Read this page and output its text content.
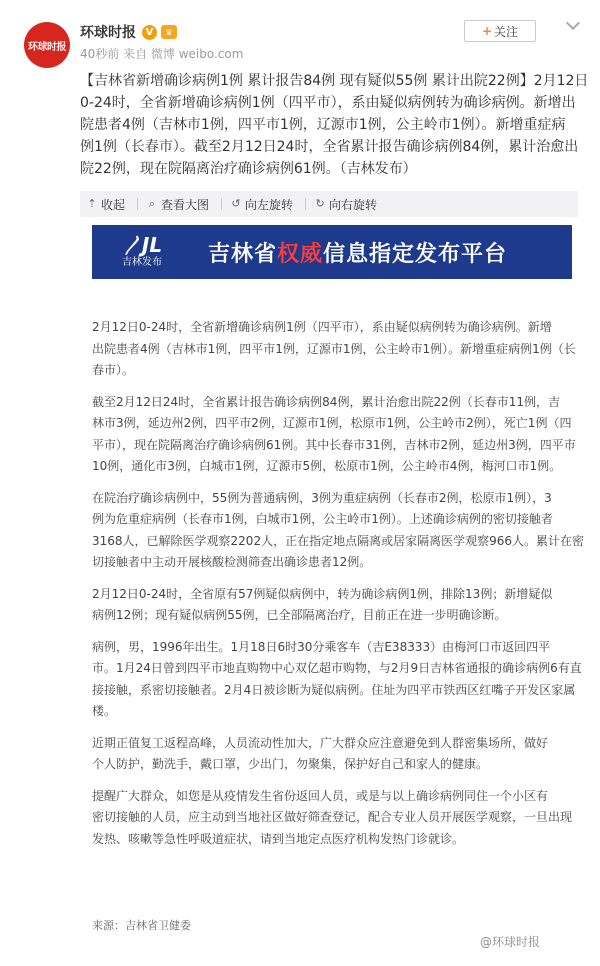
环球时报
环球时报 V	♛
40秒前 来自 微博 weibo.com
+ 关注
【吉林省新增确诊病例1例 累计报告84例 现有疑似55例 累计出院22例】2月12日
0-24时，全省新增确诊病例1例（四平市），系由疑似病例转为确诊病例。新增出
院患者4例（吉林市1例，四平市1例，辽源市1例，公主岭市1例）。新增重症病
例1例（长春市）。截至2月12日24时，全省累计报告确诊病例84例，累计治愈出
院22例，现在院隔离治疗确诊病例61例。（吉林发布）
⇡ 收起 ⌕ 查看大图 ↺ 向左旋转 ↻ 向右旋转
〳JL
吉林发布 吉林省权威信息指定发布平台
2月12日0-24时，全省新增确诊病例1例（四平市），系由疑似病例转为确诊病例。新增
出院患者4例（吉林市1例，四平市1例，辽源市1例，公主岭市1例）。新增重症病例1例（长
春市）。
截至2月12日24时，全省累计报告确诊病例84例，累计治愈出院22例（长春市11例，吉
林市3例，延边州2例，四平市2例，辽源市1例，松原市1例，公主岭市2例），死亡1例（四
平市），现在院隔离治疗确诊病例61例。其中长春市31例，吉林市2例，延边州3例，四平市
10例，通化市3例，白城市1例，辽源市5例，松原市1例，公主岭市4例，梅河口市1例。
在院治疗确诊病例中，55例为普通病例，3例为重症病例（长春市2例，松原市1例），3
例为危重症病例（长春市1例，白城市1例，公主岭市1例）。上述确诊病例的密切接触者
3168人，已解除医学观察2202人，正在指定地点隔离或居家隔离医学观察966人。累计在密
切接触者中主动开展核酸检测筛查出确诊患者12例。
2月12日0-24时，全省原有57例疑似病例中，转为确诊病例1例，排除13例；新增疑似
病例12例；现有疑似病例55例，已全部隔离治疗，目前正在进一步明确诊断。
病例，男，1996年出生。1月18日6时30分乘客车（吉E38333）由梅河口市返回四平
市。1月24日曾到四平市地直购物中心双亿超市购物，与2月9日吉林省通报的确诊病例6有直
接接触，系密切接触者。2月4日被诊断为疑似病例。住址为四平市铁西区红嘴子开发区家属
楼。
近期正值复工返程高峰，人员流动性加大，广大群众应注意避免到人群密集场所，做好
个人防护，勤洗手，戴口罩，少出门，勿聚集，保护好自己和家人的健康。
提醒广大群众，如您是从疫情发生省份返回人员，或是与以上确诊病例同住一个小区有
密切接触的人员，应主动到当地社区做好筛查登记，配合专业人员开展医学观察，一旦出现
发热、咳嗽等急性呼吸道症状，请到当地定点医疗机构发热门诊就诊。
来源：吉林省卫健委
@环球时报
